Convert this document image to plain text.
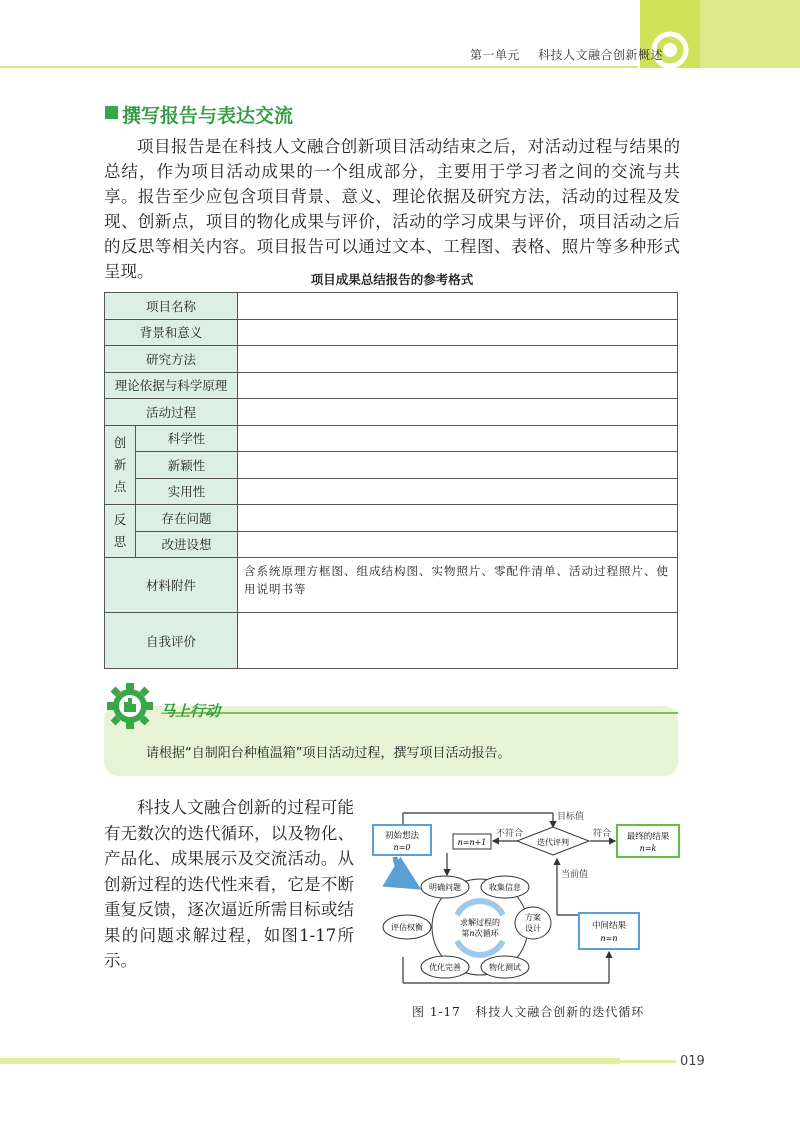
第一单元 科技人文融合创新概述
撰写报告与表达交流
项目报告是在科技人文融合创新项目活动结束之后，对活动过程与结果的总结，作为项目活动成果的一个组成部分，主要用于学习者之间的交流与共享。报告至少应包含项目背景、意义、理论依据及研究方法，活动的过程及发现、创新点，项目的物化成果与评价，活动的学习成果与评价，项目活动之后的反思等相关内容。项目报告可以通过文本、工程图、表格、照片等多种形式呈现。	项目成果总结报告的参考格式
项目名称		
背景和意义		
研究方法		
理论依据与科学原理		
活动过程		

创新点	科学性	
	新颖性	
	实用性	

反思	存在问题	
	改进设想	
材料附件		含系统原理方框图、组成结构图、实物照片、零配件清单、活动过程照片、使用说明书等
自我评价		
马上行动
请根据“自制阳台种植温箱”项目活动过程，撰写项目活动报告。
科技人文融合创新的过程可能有无数次的迭代循环，以及物化、产品化、成果展示及交流活动。从创新过程的迭代性来看，它是不断重复反馈，逐次逼近所需目标或结果的问题求解过程，如图1-17所示。
目标值
不符合	符合
当前值
初始想法
n=0
n=n+1	迭代评判
最终的结果
n=k
求解过程的
第n次循环
明确问题	收集信息
方案
设计
物化测试
优化完善
评估权衡	中间结果
n=n
图 1-17 科技人文融合创新的迭代循环
019
